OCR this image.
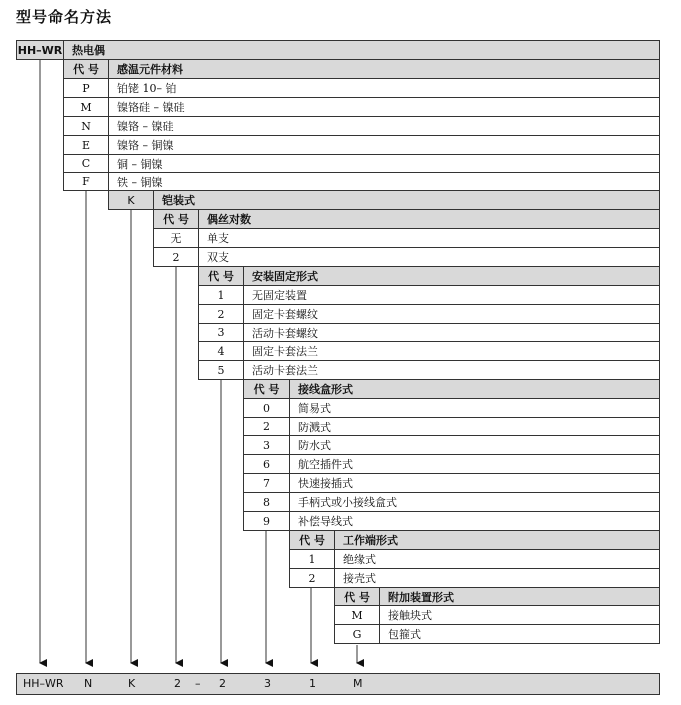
型号命名方法
HH–WR 热电偶
代 号	感温元件材料
P	铂铑 10– 铂
M	镍铬硅 – 镍硅
N	镍铬 – 镍硅
E	镍铬 – 铜镍
C	铜 – 铜镍
F	铁 – 铜镍
K	铠装式
代 号	偶丝对数
无	单支
2	双支
代 号	安装固定形式
1	无固定装置
2	固定卡套螺纹
3	活动卡套螺纹
4	固定卡套法兰
5	活动卡套法兰
代 号	接线盒形式
0	简易式
2	防溅式
3	防水式
6	航空插件式
7	快速接插式
8	手柄式或小接线盒式
9	补偿导线式
代 号	工作端形式
1	绝缘式
2	接壳式
代 号	附加装置形式
M	接触块式
G	包箍式
HH–WR N	K	2 – 2	3	1	M
